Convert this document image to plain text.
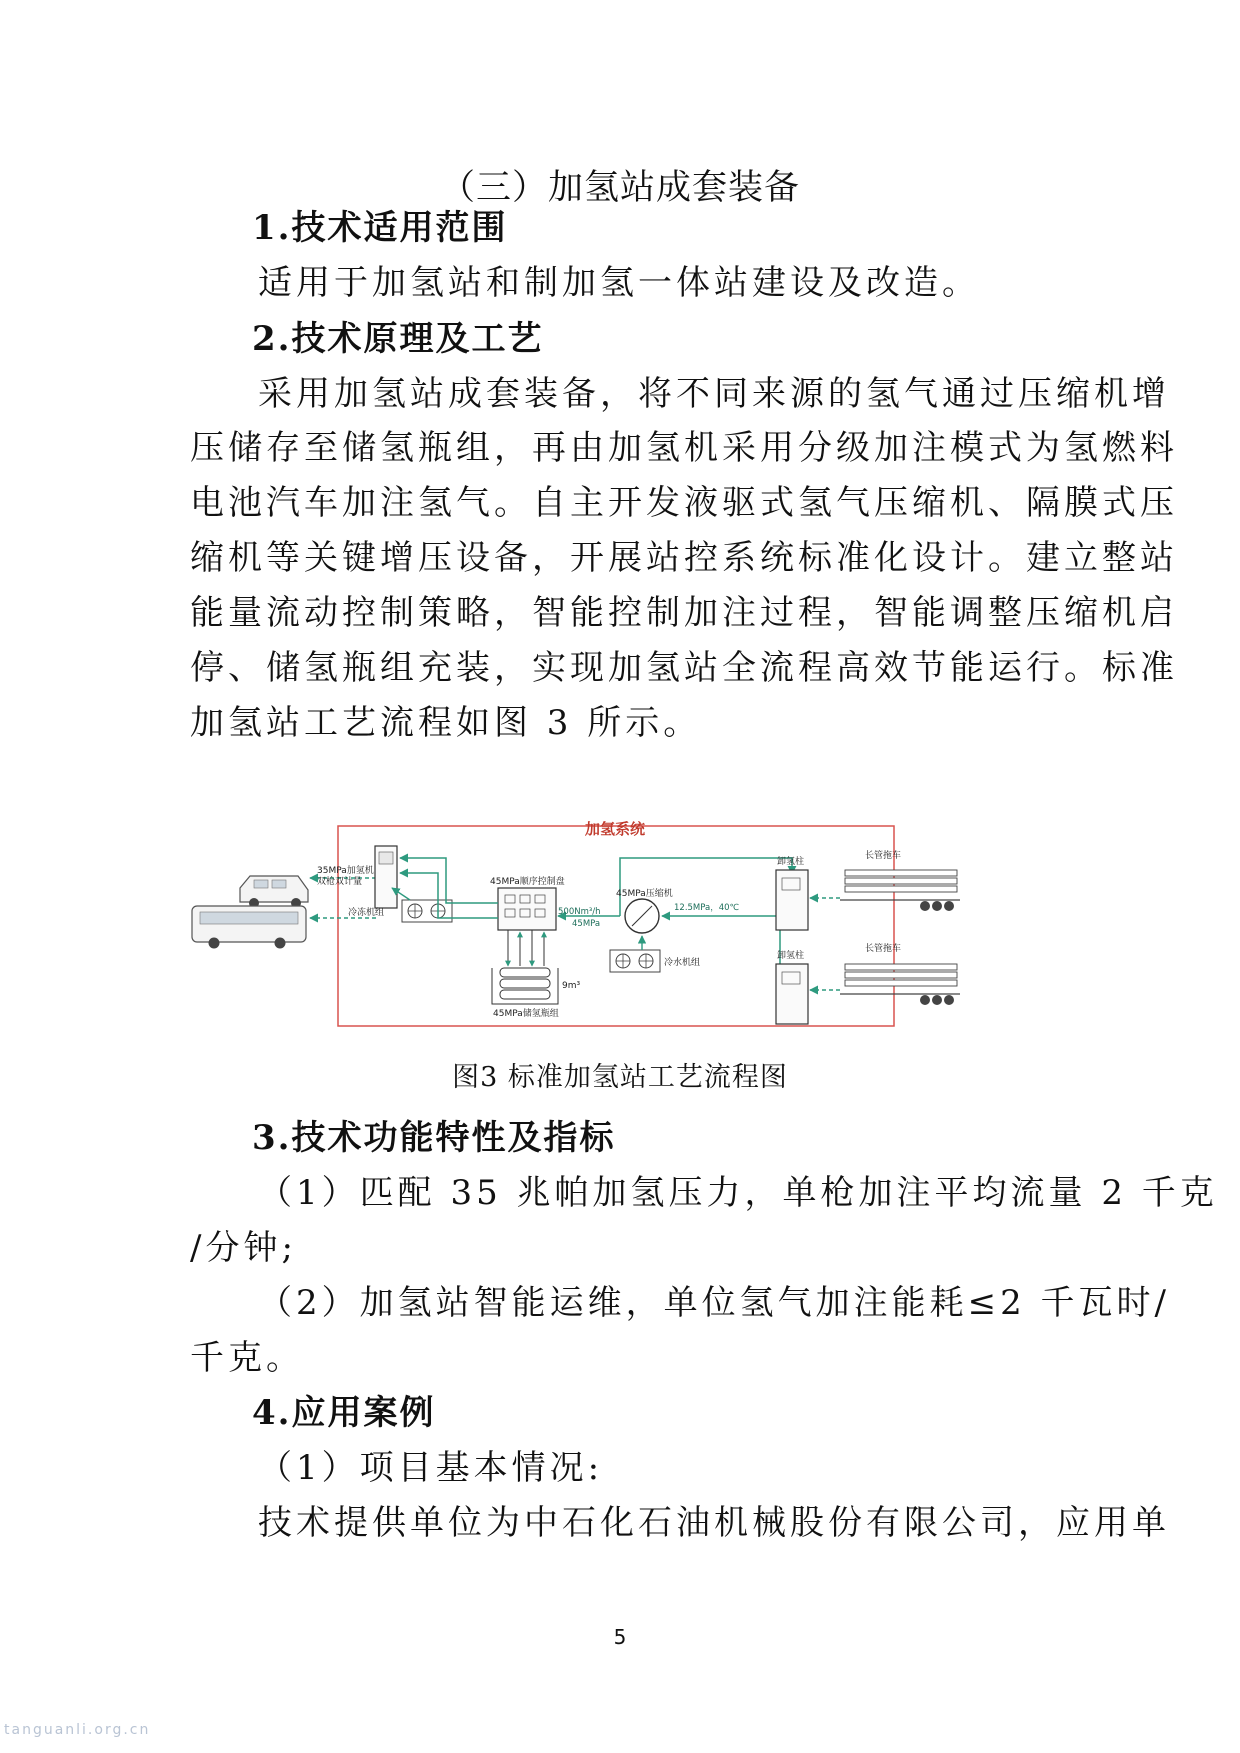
（三）加氢站成套装备
1.技术适用范围
适用于加氢站和制加氢一体站建设及改造。
2.技术原理及工艺
采用加氢站成套装备，将不同来源的氢气通过压缩机增
压储存至储氢瓶组，再由加氢机采用分级加注模式为氢燃料
电池汽车加注氢气。自主开发液驱式氢气压缩机、隔膜式压
缩机等关键增压设备，开展站控系统标准化设计。建立整站
能量流动控制策略，智能控制加注过程，智能调整压缩机启
停、储氢瓶组充装，实现加氢站全流程高效节能运行。标准
加氢站工艺流程如图 3 所示。
加氢系统
35MPa加氢机
双枪双计量
冷冻机组
45MPa顺序控制盘
9m³
45MPa储氢瓶组
45MPa压缩机
500Nm³/h
45MPa
冷水机组
12.5MPa，40℃
卸氢柱
卸氢柱
长管拖车
长管拖车
图3 标准加氢站工艺流程图
3.技术功能特性及指标
（1）匹配 35 兆帕加氢压力，单枪加注平均流量 2 千克
/分钟;
（2）加氢站智能运维，单位氢气加注能耗≤2 千瓦时/
千克。
4.应用案例
（1）项目基本情况:
技术提供单位为中石化石油机械股份有限公司，应用单
5
tanguanli.org.cn
